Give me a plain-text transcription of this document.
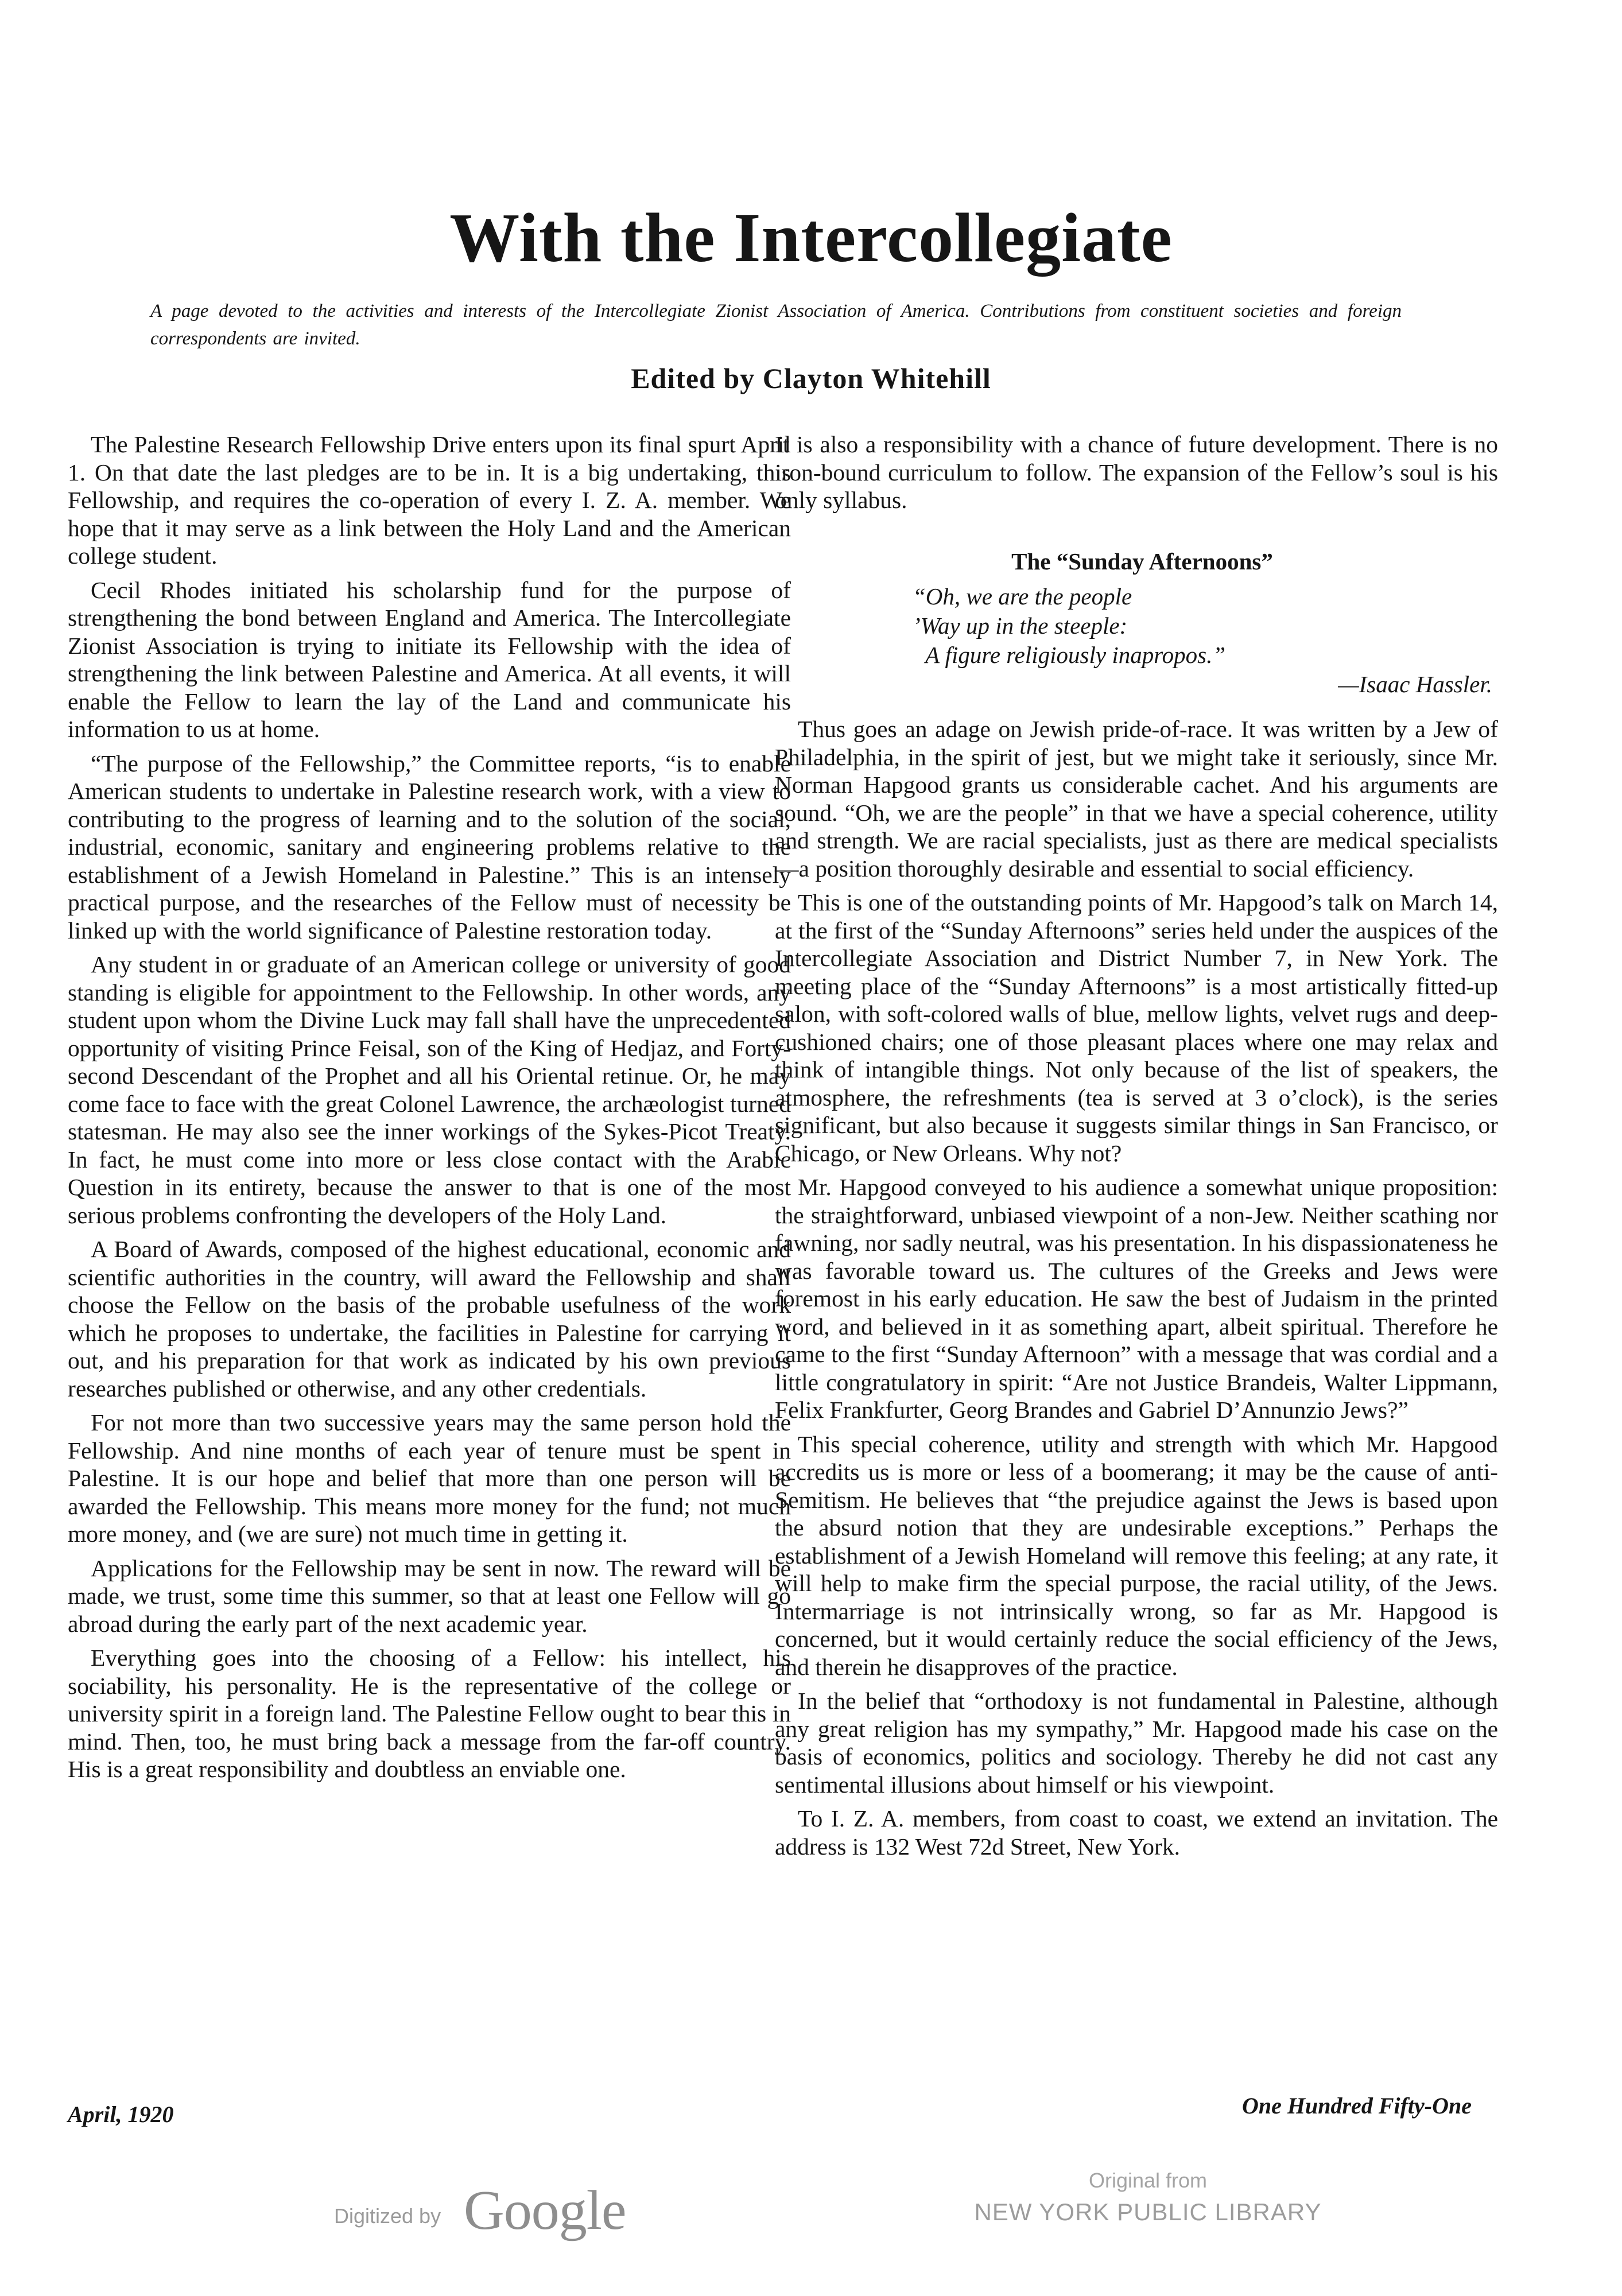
With the Intercollegiate

A page devoted to the activities and interests of the Intercollegiate Zionist Association of America. Contributions from constituent societies and foreign correspondents are invited.

Edited by Clayton Whitehill

The Palestine Research Fellowship Drive enters upon its final spurt April 1. On that date the last pledges are to be in. It is a big undertaking, this Fellowship, and requires the co-operation of every I. Z. A. member. We hope that it may serve as a link between the Holy Land and the American college student.

Cecil Rhodes initiated his scholarship fund for the purpose of strengthening the bond between England and America. The Intercollegiate Zionist Association is trying to initiate its Fellowship with the idea of strengthening the link between Palestine and America. At all events, it will enable the Fellow to learn the lay of the Land and communicate his information to us at home.

“The purpose of the Fellowship,” the Committee reports, “is to enable American students to undertake in Palestine research work, with a view to contributing to the progress of learning and to the solution of the social, industrial, economic, sanitary and engineering problems relative to the establishment of a Jewish Homeland in Palestine.” This is an intensely practical purpose, and the researches of the Fellow must of necessity be linked up with the world significance of Palestine restoration today.

Any student in or graduate of an American college or university of good standing is eligible for appointment to the Fellowship. In other words, any student upon whom the Divine Luck may fall shall have the unprecedented opportunity of visiting Prince Feisal, son of the King of Hedjaz, and Forty-second Descendant of the Prophet and all his Oriental retinue. Or, he may come face to face with the great Colonel Lawrence, the archæologist turned statesman. He may also see the inner workings of the Sykes-Picot Treaty. In fact, he must come into more or less close contact with the Arabic Question in its entirety, because the answer to that is one of the most serious problems confronting the developers of the Holy Land.

A Board of Awards, composed of the highest educational, economic and scientific authorities in the country, will award the Fellowship and shall choose the Fellow on the basis of the probable usefulness of the work which he proposes to undertake, the facilities in Palestine for carrying it out, and his preparation for that work as indicated by his own previous researches published or otherwise, and any other credentials.

For not more than two successive years may the same person hold the Fellowship. And nine months of each year of tenure must be spent in Palestine. It is our hope and belief that more than one person will be awarded the Fellowship. This means more money for the fund; not much more money, and (we are sure) not much time in getting it.

Applications for the Fellowship may be sent in now. The reward will be made, we trust, some time this summer, so that at least one Fellow will go abroad during the early part of the next academic year.

Everything goes into the choosing of a Fellow: his intellect, his sociability, his personality. He is the representative of the college or university spirit in a foreign land. The Palestine Fellow ought to bear this in mind. Then, too, he must bring back a message from the far-off country. His is a great responsibility and doubtless an enviable one.

It is also a responsibility with a chance of future development. There is no iron-bound curriculum to follow. The expansion of the Fellow’s soul is his only syllabus.

The “Sunday Afternoons”
“Oh, we are the people
’Way up in the steeple:
A figure religiously inapropos.”
—Isaac Hassler.

Thus goes an adage on Jewish pride-of-race. It was written by a Jew of Philadelphia, in the spirit of jest, but we might take it seriously, since Mr. Norman Hapgood grants us considerable cachet. And his arguments are sound. “Oh, we are the people” in that we have a special coherence, utility and strength. We are racial specialists, just as there are medical specialists—a position thoroughly desirable and essential to social efficiency.

This is one of the outstanding points of Mr. Hapgood’s talk on March 14, at the first of the “Sunday Afternoons” series held under the auspices of the Intercollegiate Association and District Number 7, in New York. The meeting place of the “Sunday Afternoons” is a most artistically fitted-up salon, with soft-colored walls of blue, mellow lights, velvet rugs and deep-cushioned chairs; one of those pleasant places where one may relax and think of intangible things. Not only because of the list of speakers, the atmosphere, the refreshments (tea is served at 3 o’clock), is the series significant, but also because it suggests similar things in San Francisco, or Chicago, or New Orleans. Why not?

Mr. Hapgood conveyed to his audience a somewhat unique proposition: the straightforward, unbiased viewpoint of a non-Jew. Neither scathing nor fawning, nor sadly neutral, was his presentation. In his dispassionateness he was favorable toward us. The cultures of the Greeks and Jews were foremost in his early education. He saw the best of Judaism in the printed word, and believed in it as something apart, albeit spiritual. Therefore he came to the first “Sunday Afternoon” with a message that was cordial and a little congratulatory in spirit: “Are not Justice Brandeis, Walter Lippmann, Felix Frankfurter, Georg Brandes and Gabriel D’Annunzio Jews?”

This special coherence, utility and strength with which Mr. Hapgood accredits us is more or less of a boomerang; it may be the cause of anti-Semitism. He believes that “the prejudice against the Jews is based upon the absurd notion that they are undesirable exceptions.” Perhaps the establishment of a Jewish Homeland will remove this feeling; at any rate, it will help to make firm the special purpose, the racial utility, of the Jews. Intermarriage is not intrinsically wrong, so far as Mr. Hapgood is concerned, but it would certainly reduce the social efficiency of the Jews, and therein he disapproves of the practice.

In the belief that “orthodoxy is not fundamental in Palestine, although any great religion has my sympathy,” Mr. Hapgood made his case on the basis of economics, politics and sociology. Thereby he did not cast any sentimental illusions about himself or his viewpoint.

To I. Z. A. members, from coast to coast, we extend an invitation. The address is 132 West 72d Street, New York.

April, 1920	One Hundred Fifty-One
Digitized by Google	Original from
NEW YORK PUBLIC LIBRARY
